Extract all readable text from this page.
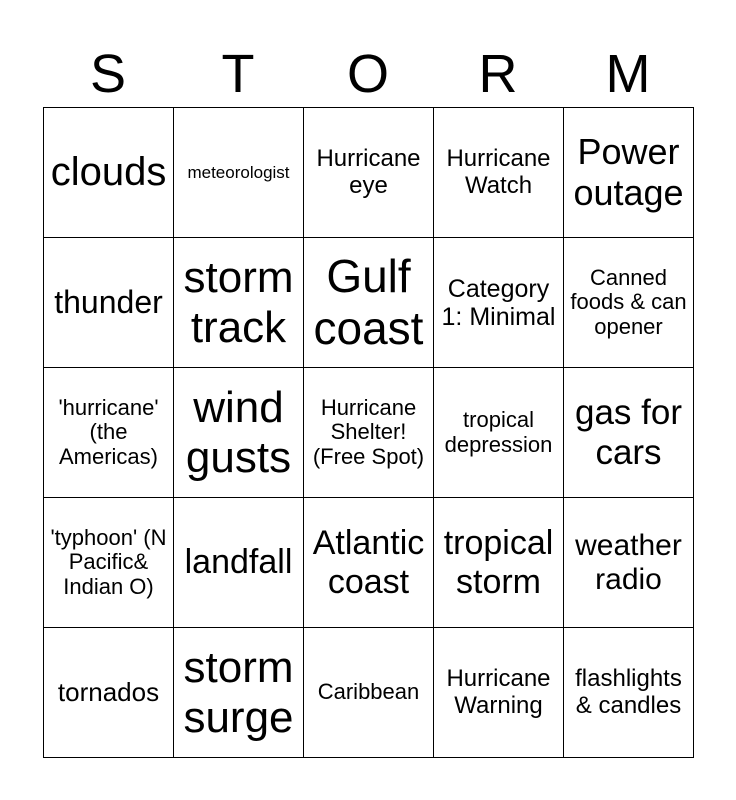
S	T	O	R	M
clouds	meteorologist	Hurricane eye	Hurricane Watch	Power outage
thunder	storm track	Gulf coast	Category 1: Minimal	Canned foods & can opener
'hurricane' (the Americas)	wind gusts	Hurricane Shelter! (Free Spot)	tropical depression	gas for cars
'typhoon' (N Pacific& Indian O)	landfall	Atlantic coast	tropical storm	weather radio
tornados	storm surge	Caribbean	Hurricane Warning	flashlights & candles
